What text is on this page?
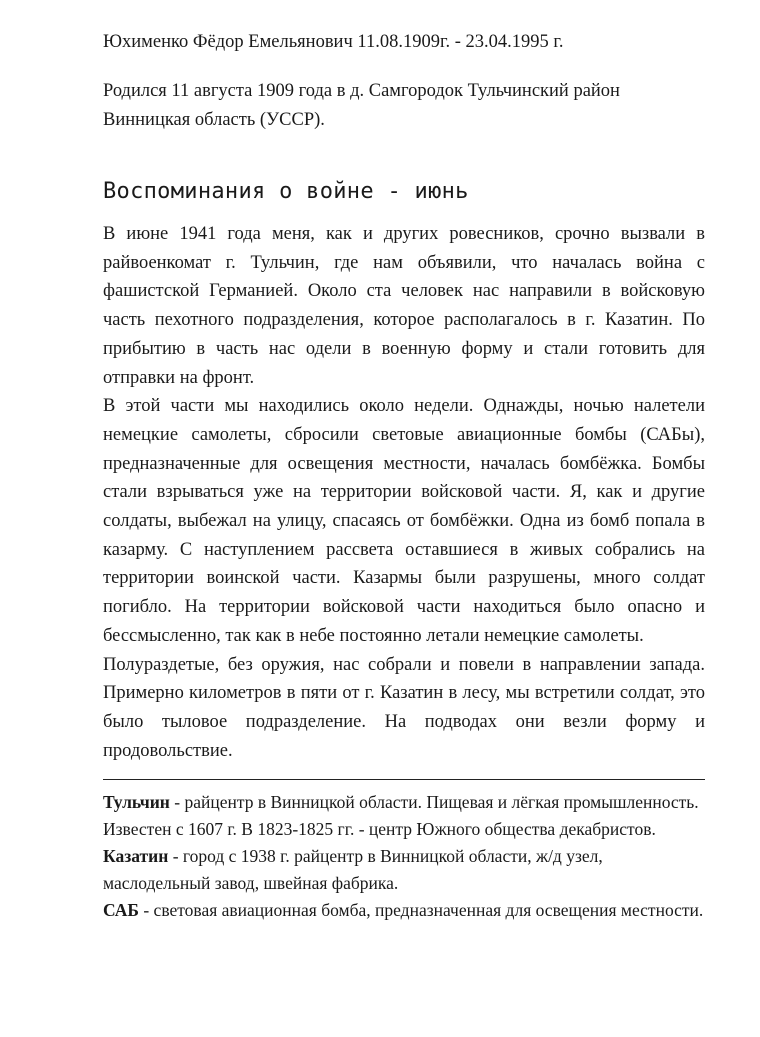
Юхименко Фёдор Емельянович 11.08.1909г. - 23.04.1995 г.

Родился 11 августа 1909 года в д. Самгородок Тульчинский район Винницкая область (УССР).

Воспоминания о войне - июнь

В июне 1941 года меня, как и других ровесников, срочно вызвали в райвоенкомат г. Тульчин, где нам объявили, что началась война с фашистской Германией. Около ста человек нас направили в войсковую часть пехотного подразделения, которое располагалось в г. Казатин. По прибытию в часть нас одели в военную форму и стали готовить для отправки на фронт.

В этой части мы находились около недели. Однажды, ночью налетели немецкие самолеты, сбросили световые авиационные бомбы (САБы), предназначенные для освещения местности, началась бомбёжка. Бомбы стали взрываться уже на территории войсковой части. Я, как и другие солдаты, выбежал на улицу, спасаясь от бомбёжки. Одна из бомб попала в казарму. С наступлением рассвета оставшиеся в живых собрались на территории воинской части. Казармы были разрушены, много солдат погибло. На территории войсковой части находиться было опасно и бессмысленно, так как в небе постоянно летали немецкие самолеты.

Полураздетые, без оружия, нас собрали и повели в направлении запада. Примерно километров в пяти от г. Казатин в лесу, мы встретили солдат, это было тыловое подразделение. На подводах они везли форму и продовольствие.

Тульчин - райцентр в Винницкой области. Пищевая и лёгкая промышленность. Известен с 1607 г. В 1823-1825 гг. - центр Южного общества декабристов.

Казатин - город с 1938 г. райцентр в Винницкой области, ж/д узел, маслодельный завод, швейная фабрика.

САБ - световая авиационная бомба, предназначенная для освещения местности.
